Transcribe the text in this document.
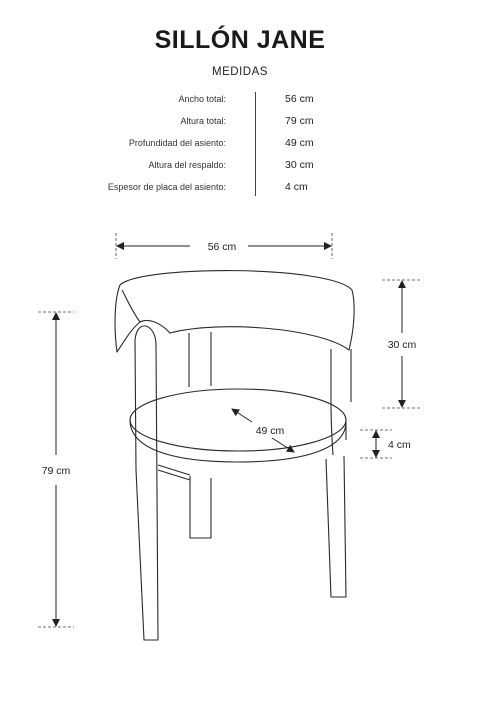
SILLÓN JANE
MEDIDAS
Ancho total:	56 cm
Altura total:	79 cm
Profundidad del asiento:	49 cm
Altura del respaldo:	30 cm
Espesor de placa del asiento:	4 cm
56 cm
79 cm
30 cm
4 cm
49 cm
